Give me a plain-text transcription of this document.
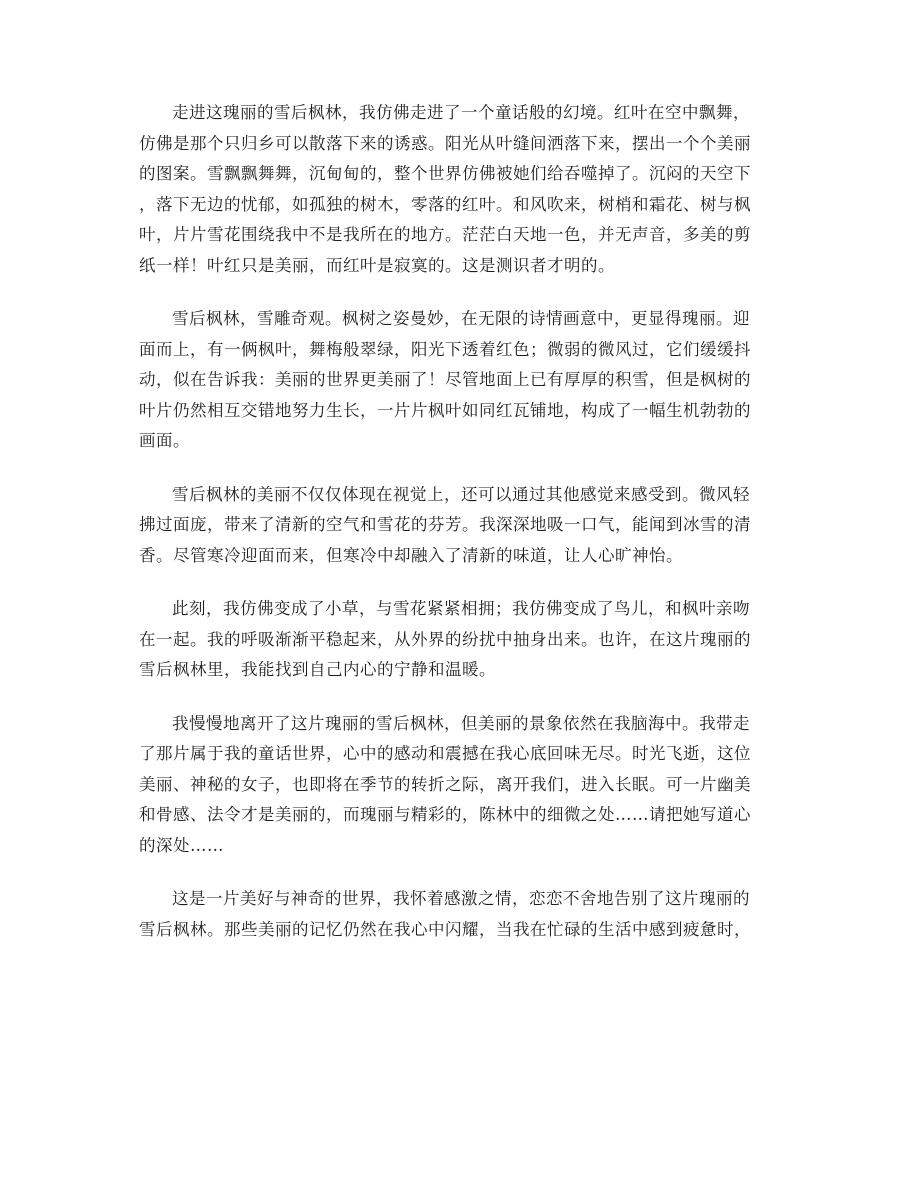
走进这瑰丽的雪后枫林，我仿佛走进了一个童话般的幻境。红叶在空中飘舞，
仿佛是那个只归乡可以散落下来的诱惑。阳光从叶缝间洒落下来，摆出一个个美丽
的图案。雪飘飘舞舞，沉甸甸的，整个世界仿佛被她们给吞噬掉了。沉闷的天空下
，落下无边的忧郁，如孤独的树木，零落的红叶。和风吹来，树梢和霜花、树与枫
叶，片片雪花围绕我中不是我所在的地方。茫茫白天地一色，并无声音，多美的剪
纸一样！叶红只是美丽，而红叶是寂寞的。这是测识者才明的。

雪后枫林，雪雕奇观。枫树之姿曼妙，在无限的诗情画意中，更显得瑰丽。迎
面而上，有一俩枫叶，舞梅般翠绿，阳光下透着红色；微弱的微风过，它们缓缓抖
动，似在告诉我：美丽的世界更美丽了！尽管地面上已有厚厚的积雪，但是枫树的
叶片仍然相互交错地努力生长，一片片枫叶如同红瓦铺地，构成了一幅生机勃勃的
画面。

雪后枫林的美丽不仅仅体现在视觉上，还可以通过其他感觉来感受到。微风轻
拂过面庞，带来了清新的空气和雪花的芬芳。我深深地吸一口气，能闻到冰雪的清
香。尽管寒冷迎面而来，但寒冷中却融入了清新的味道，让人心旷神怡。

此刻，我仿佛变成了小草，与雪花紧紧相拥；我仿佛变成了鸟儿，和枫叶亲吻
在一起。我的呼吸渐渐平稳起来，从外界的纷扰中抽身出来。也许，在这片瑰丽的
雪后枫林里，我能找到自己内心的宁静和温暖。

我慢慢地离开了这片瑰丽的雪后枫林，但美丽的景象依然在我脑海中。我带走
了那片属于我的童话世界，心中的感动和震撼在我心底回味无尽。时光飞逝，这位
美丽、神秘的女子，也即将在季节的转折之际，离开我们，进入长眠。可一片幽美
和骨感、法令才是美丽的，而瑰丽与精彩的，陈林中的细微之处……请把她写道心
的深处……

这是一片美好与神奇的世界，我怀着感激之情，恋恋不舍地告别了这片瑰丽的
雪后枫林。那些美丽的记忆仍然在我心中闪耀，当我在忙碌的生活中感到疲惫时，
